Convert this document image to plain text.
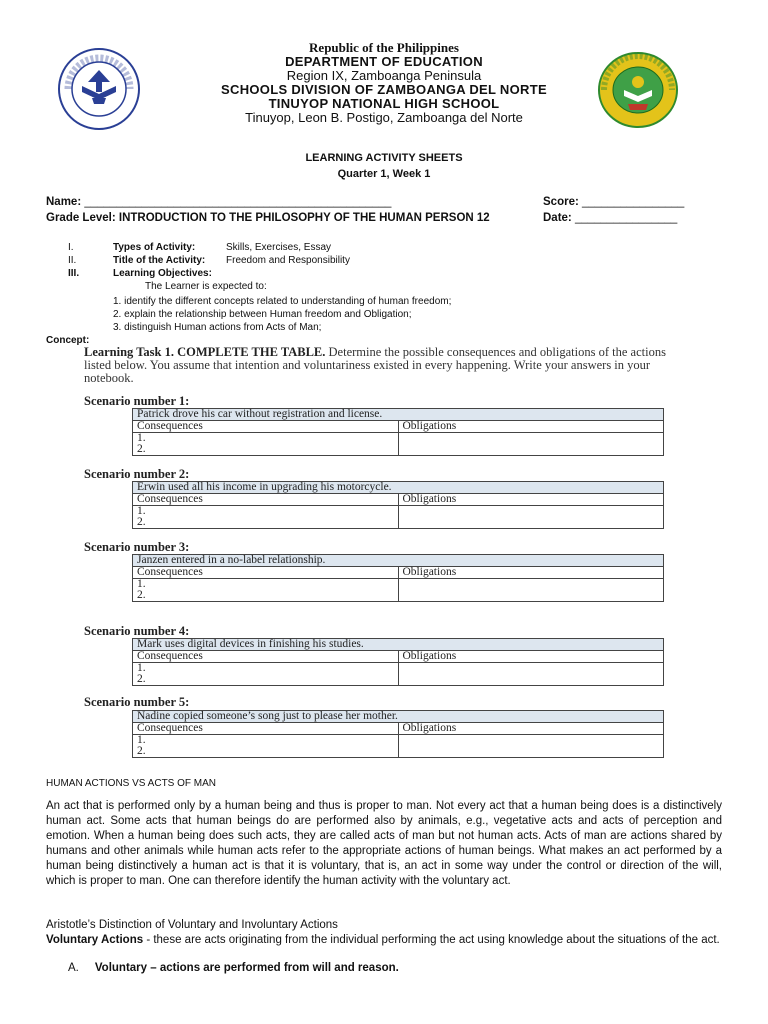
Republic of the Philippines
DEPARTMENT OF EDUCATION
Region IX, Zamboanga Peninsula
SCHOOLS DIVISION OF ZAMBOANGA DEL NORTE
TINUYOP NATIONAL HIGH SCHOOL
Tinuyop, Leon B. Postigo, Zamboanga del Norte
LEARNING ACTIVITY SHEETS
Quarter 1, Week 1
Name: ________________________________________________	Score: ________________
Grade Level: INTRODUCTION TO THE PHILOSOPHY OF THE HUMAN PERSON 12	Date: ________________
I.	Types of Activity:	Skills, Exercises, Essay
II.	Title of the Activity: Freedom and Responsibility
III.	Learning Objectives:
The Learner is expected to:
1. identify the different concepts related to understanding of human freedom;
2. explain the relationship between Human freedom and Obligation;
3. distinguish Human actions from Acts of Man;
Concept:
Learning Task 1. COMPLETE THE TABLE. Determine the possible consequences and obligations of the actions listed below. You assume that intention and voluntariness existed in every happening. Write your answers in your notebook.
Scenario number 1:
Patrick drove his car without registration and license.	
Consequences	Obligations

1.
2.	

Scenario number 2:
Erwin used all his income in upgrading his motorcycle.	
Consequences	Obligations

1.
2.	

Scenario number 3:
Janzen entered in a no-label relationship.	
Consequences	Obligations

1.
2.	

Scenario number 4:
Mark uses digital devices in finishing his studies.	
Consequences	Obligations

1.
2.	

Scenario number 5:
Nadine copied someone’s song just to please her mother.	
Consequences	Obligations

1.
2.	

HUMAN ACTIONS VS ACTS OF MAN
An act that is performed only by a human being and thus is proper to man. Not every act that a human being does is a distinctively human act. Some acts that human beings do are performed also by animals, e.g., vegetative acts and acts of perception and emotion. When a human being does such acts, they are called acts of man but not human acts. Acts of man are actions shared by humans and other animals while human acts refer to the appropriate actions of human beings. What makes an act performed by a human being distinctively a human act is that it is voluntary, that is, an act in some way under the control or direction of the will, which is proper to man. One can therefore identify the human activity with the voluntary act.
Aristotle’s Distinction of Voluntary and Involuntary Actions
Voluntary Actions - these are acts originating from the individual performing the act using knowledge about the situations of the act.
A. Voluntary – actions are performed from will and reason.
